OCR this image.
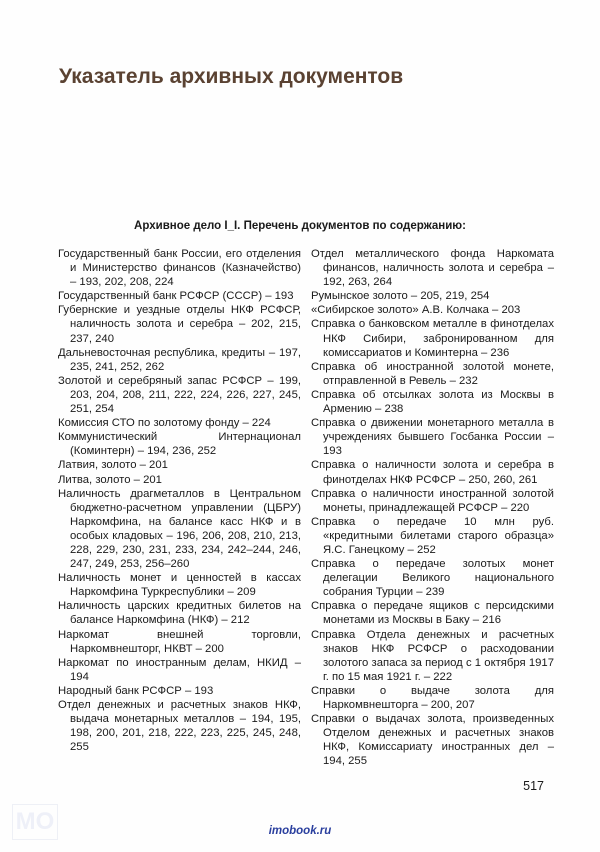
Указатель архивных документов

Архивное дело I_I. Перечень документов по содержанию:

Государственный банк России, его отделения и Министерство финансов (Казначейство) – 193, 202, 208, 224

Государственный банк РСФСР (СССР) – 193

Губернские и уездные отделы НКФ РСФСР, наличность золота и серебра – 202, 215, 237, 240

Дальневосточная республика, кредиты – 197, 235, 241, 252, 262

Золотой и серебряный запас РСФСР – 199, 203, 204, 208, 211, 222, 224, 226, 227, 245, 251, 254

Комиссия СТО по золотому фонду – 224

Коммунистический Интернационал (Коминтерн) – 194, 236, 252

Латвия, золото – 201

Литва, золото – 201

Наличность драгметаллов в Центральном бюджетно-расчетном управлении (ЦБРУ) Наркомфина, на балансе касс НКФ и в особых кладовых – 196, 206, 208, 210, 213, 228, 229, 230, 231, 233, 234, 242–244, 246, 247, 249, 253, 256–260

Наличность монет и ценностей в кассах Наркомфина Туркреспублики – 209

Наличность царских кредитных билетов на балансе Наркомфина (НКФ) – 212

Наркомат внешней торговли, Наркомвнешторг, НКВТ – 200

Наркомат по иностранным делам, НКИД – 194

Народный банк РСФСР – 193

Отдел денежных и расчетных знаков НКФ, выдача монетарных металлов – 194, 195, 198, 200, 201, 218, 222, 223, 225, 245, 248, 255

Отдел металлического фонда Наркомата финансов, наличность золота и серебра – 192, 263, 264

Румынское золото – 205, 219, 254

«Сибирское золото» А.В. Колчака – 203

Справка о банковском металле в финотделах НКФ Сибири, забронированном для комиссариатов и Коминтерна – 236

Справка об иностранной золотой монете, отправленной в Ревель – 232

Справка об отсылках золота из Москвы в Армению – 238

Справка о движении монетарного металла в учреждениях бывшего Госбанка России – 193

Справка о наличности золота и серебра в финотделах НКФ РСФСР – 250, 260, 261

Справка о наличности иностранной золотой монеты, принадлежащей РСФСР – 220

Справка о передаче 10 млн руб. «кредитными билетами старого образца» Я.С. Ганецкому – 252

Справка о передаче золотых монет делегации Великого национального собрания Турции – 239

Справка о передаче ящиков с персидскими монетами из Москвы в Баку – 216

Справка Отдела денежных и расчетных знаков НКФ РСФСР о расходовании золотого запаса за период с 1 октября 1917 г. по 15 мая 1921 г. – 222

Справки о выдаче золота для Наркомвнешторга – 200, 207

Справки о выдачах золота, произведенных Отделом денежных и расчетных знаков НКФ, Комиссариату иностранных дел – 194, 255

517
МО	imobook.ru
